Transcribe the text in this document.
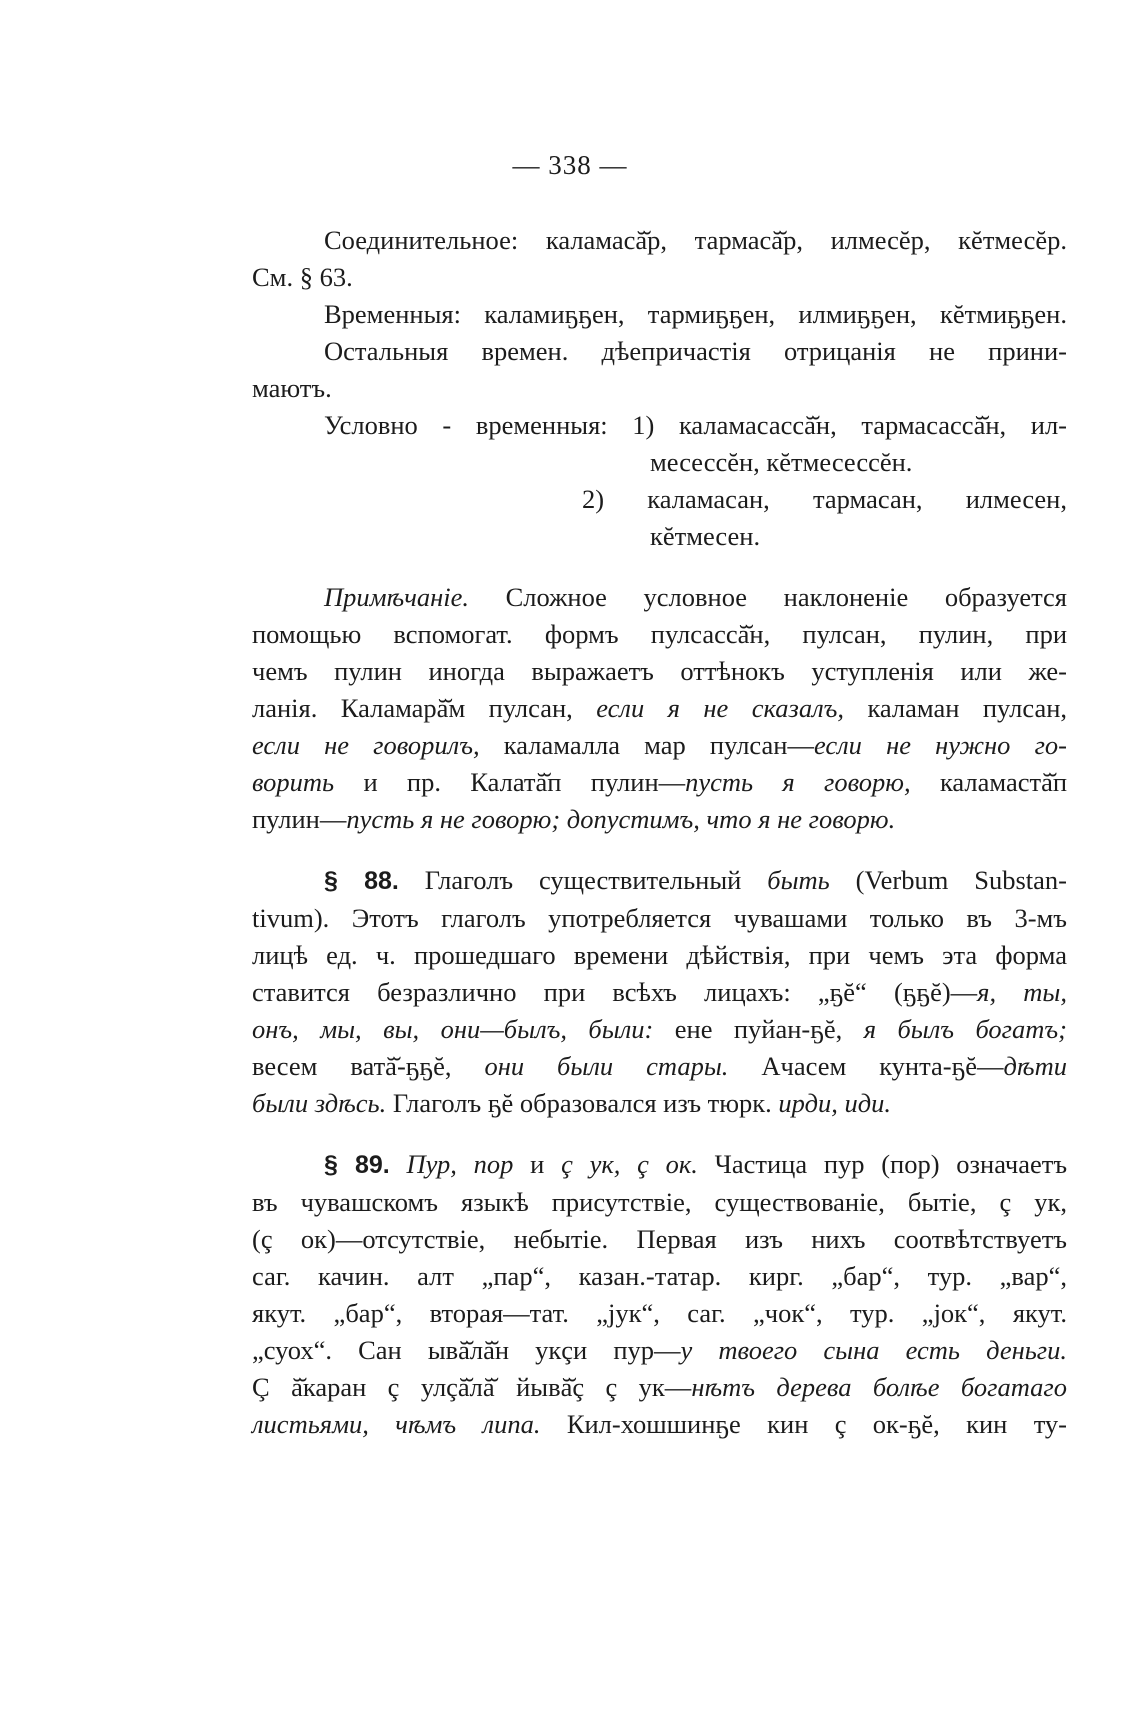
— 338 —
Соединительное: каламасă̆р, тармасă̆р, илмесĕр, кĕтмесĕр.
См. § 63.
Временныя: каламиҕҕен, тармиҕҕен, илмиҕҕен, кĕтмиҕҕен.
Остальныя времен. дѣепричастія отрицанія не прини-
маютъ.
Условно - временныя: 1) каламасассă̆н, тармасассă̆н, ил-
месессĕн, кĕтмесессĕн.
2) каламасан, тармасан, илмесен,
кĕтмесен.
Примѣчаніе. Сложное условное наклоненіе образуется
помощью вспомогат. формъ пулсассă̆н, пулсан, пулин, при
чемъ пулин иногда выражаетъ оттѣнокъ уступленія или же-
ланія. Каламарă̆м пулсан, если я не сказалъ, каламан пулсан,
если не говорилъ, каламалла мар пулсан—если не нужно го-
ворить и пр. Калатă̆п пулин—пусть я говорю, каламастă̆п
пулин—пусть я не говорю; допустимъ, что я не говорю.
§ 88. Глаголъ существительный быть (Verbum Substan-
tivum). Этотъ глаголъ употребляется чувашами только въ 3-мъ
лицѣ ед. ч. прошедшаго времени дѣйствія, при чемъ эта форма
ставится безразлично при всѣхъ лицахъ: „ҕĕ“ (ҕҕĕ)—я, ты,
онъ, мы, вы, они—былъ, были: ене пуйан-ҕĕ, я былъ богатъ;
весем ватă̆-ҕҕĕ, они были стары. Ачасем кунта-ҕĕ—дѣти
были здѣсь. Глаголъ ҕĕ образовался изъ тюрк. ирди, иди.
§ 89. Пур, пор и ç ук, ç ок. Частица пур (пор) означаетъ
въ чувашскомъ языкѣ присутствіе, существованіе, бытіе, ç ук,
(ç ок)—отсутствіе, небытіе. Первая изъ нихъ соотвѣтствуетъ
саг. качин. алт „пар“, казан.-татар. кирг. „бар“, тур. „вар“,
якут. „бар“, вторая—тат. „јук“, саг. „чок“, тур. „јок“, якут.
„суох“. Сан ывă̆лă̆н укçи пур—у твоего сына есть деньги.
Ç ă̆каран ç улçă̆лă̆ йывă̆ç ç ук—нѣтъ дерева болѣе богатаго
листьями, чѣмъ липа. Кил-хошшинҕе кин ç ок-ҕĕ, кин ту-
